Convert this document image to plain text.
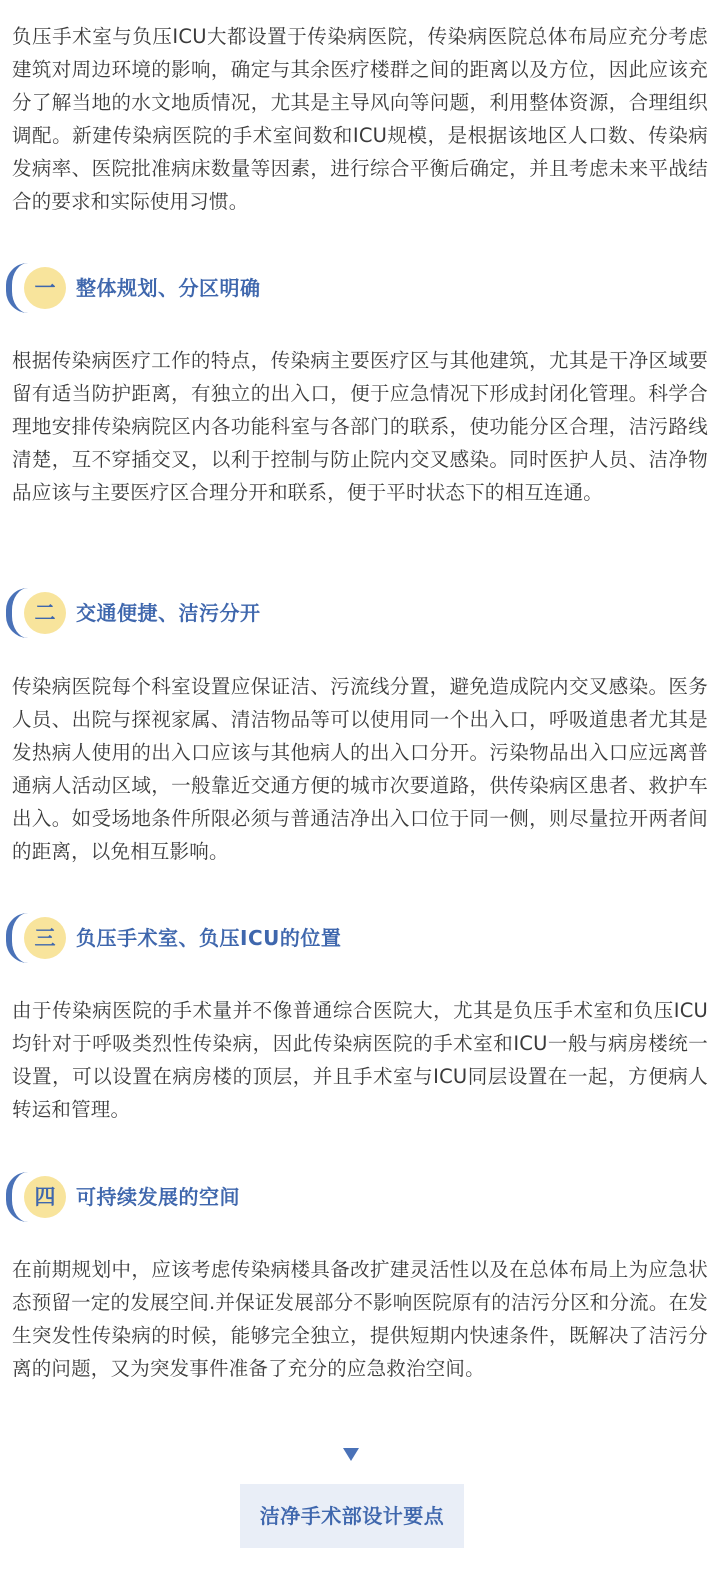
负压手术室与负压ICU大都设置于传染病医院，传染病医院总体布局应充分考虑建筑对周边环境的影响，确定与其余医疗楼群之间的距离以及方位，因此应该充分了解当地的水文地质情况，尤其是主导风向等问题，利用整体资源，合理组织调配。新建传染病医院的手术室间数和ICU规模，是根据该地区人口数、传染病发病率、医院批准病床数量等因素，进行综合平衡后确定，并且考虑未来平战结合的要求和实际使用习惯。

一	整体规划、分区明确

根据传染病医疗工作的特点，传染病主要医疗区与其他建筑，尤其是干净区域要留有适当防护距离，有独立的出入口，便于应急情况下形成封闭化管理。科学合理地安排传染病院区内各功能科室与各部门的联系，使功能分区合理，洁污路线清楚，互不穿插交叉，以利于控制与防止院内交叉感染。同时医护人员、洁净物品应该与主要医疗区合理分开和联系，便于平时状态下的相互连通。

二	交通便捷、洁污分开

传染病医院每个科室设置应保证洁、污流线分置，避免造成院内交叉感染。医务人员、出院与探视家属、清洁物品等可以使用同一个出入口，呼吸道患者尤其是发热病人使用的出入口应该与其他病人的出入口分开。污染物品出入口应远离普通病人活动区域，一般靠近交通方便的城市次要道路，供传染病区患者、救护车出入。如受场地条件所限必须与普通洁净出入口位于同一侧，则尽量拉开两者间的距离，以免相互影响。

三	负压手术室、负压ICU的位置

由于传染病医院的手术量并不像普通综合医院大，尤其是负压手术室和负压ICU均针对于呼吸类烈性传染病，因此传染病医院的手术室和ICU一般与病房楼统一设置，可以设置在病房楼的顶层，并且手术室与ICU同层设置在一起，方便病人转运和管理。

四	可持续发展的空间

在前期规划中，应该考虑传染病楼具备改扩建灵活性以及在总体布局上为应急状态预留一定的发展空间.并保证发展部分不影响医院原有的洁污分区和分流。在发生突发性传染病的时候，能够完全独立，提供短期内快速条件，既解决了洁污分离的问题，又为突发事件准备了充分的应急救治空间。

洁净手术部设计要点
